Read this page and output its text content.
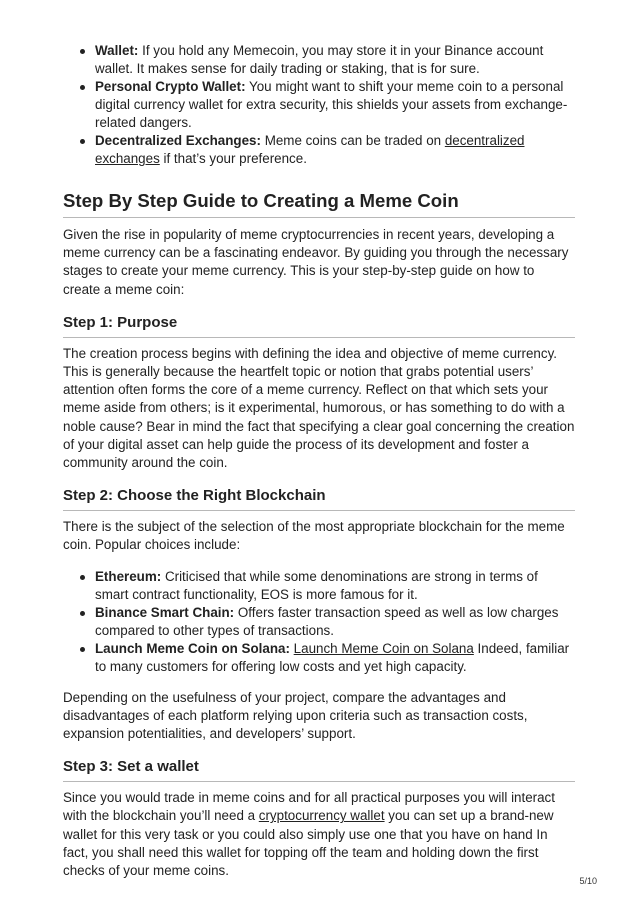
Wallet: If you hold any Memecoin, you may store it in your Binance account wallet. It makes sense for daily trading or staking, that is for sure.
Personal Crypto Wallet: You might want to shift your meme coin to a personal digital currency wallet for extra security, this shields your assets from exchange-related dangers.
Decentralized Exchanges: Meme coins can be traded on decentralized exchanges if that’s your preference.
Step By Step Guide to Creating a Meme Coin

Given the rise in popularity of meme cryptocurrencies in recent years, developing a meme currency can be a fascinating endeavor. By guiding you through the necessary stages to create your meme currency. This is your step-by-step guide on how to create a meme coin:

Step 1: Purpose

The creation process begins with defining the idea and objective of meme currency. This is generally because the heartfelt topic or notion that grabs potential users’ attention often forms the core of a meme currency. Reflect on that which sets your meme aside from others; is it experimental, humorous, or has something to do with a noble cause? Bear in mind the fact that specifying a clear goal concerning the creation of your digital asset can help guide the process of its development and foster a community around the coin.

Step 2: Choose the Right Blockchain

There is the subject of the selection of the most appropriate blockchain for the meme coin. Popular choices include:

Ethereum: Criticised that while some denominations are strong in terms of smart contract functionality, EOS is more famous for it.
Binance Smart Chain: Offers faster transaction speed as well as low charges compared to other types of transactions.
Launch Meme Coin on Solana: Launch Meme Coin on Solana Indeed, familiar to many customers for offering low costs and yet high capacity.

Depending on the usefulness of your project, compare the advantages and disadvantages of each platform relying upon criteria such as transaction costs, expansion potentialities, and developers’ support.

Step 3: Set a wallet

Since you would trade in meme coins and for all practical purposes you will interact with the blockchain you’ll need a cryptocurrency wallet you can set up a brand-new wallet for this very task or you could also simply use one that you have on hand In fact, you shall need this wallet for topping off the team and holding down the first checks of your meme coins.

5/10
